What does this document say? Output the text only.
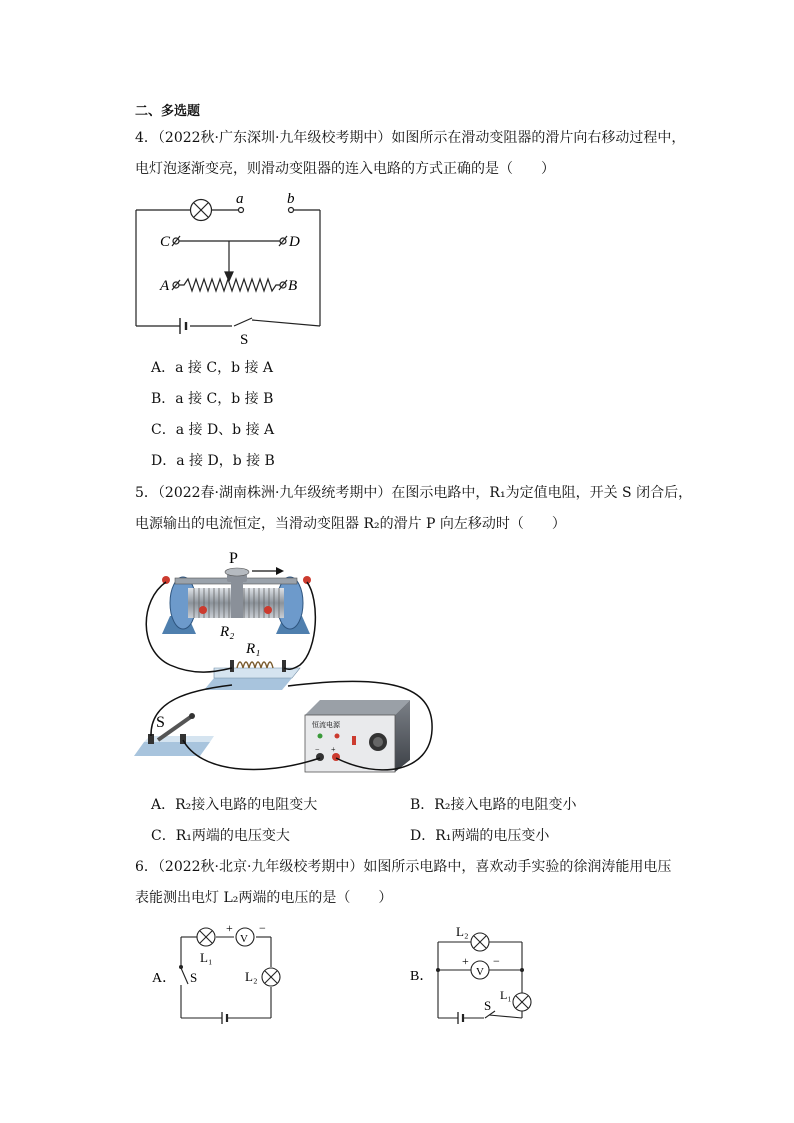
二、多选题
4．（2022秋·广东深圳·九年级校考期中）如图所示在滑动变阻器的滑片向右移动过程中，
电灯泡逐渐变亮，则滑动变阻器的连入电路的方式正确的是（　　）
a	b
C	D
A	B
S
A．a 接 C，b 接 A
B．a 接 C，b 接 B
C．a 接 D、b 接 A
D．a 接 D，b 接 B
5．（2022春·湖南株洲·九年级统考期中）在图示电路中，R₁为定值电阻，开关 S 闭合后，
电源输出的电流恒定，当滑动变阻器 R₂的滑片 P 向左移动时（　　）
P
R₂
R₁
S	恒流电源
− +
A．R₂接入电路的电阻变大	B．R₂接入电路的电阻变小
C．R₁两端的电压变大	D．R₁两端的电压变小
6．（2022秋·北京·九年级校考期中）如图所示电路中，喜欢动手实验的徐润涛能用电压
表能测出电灯 L₂两端的电压的是（　　）
A．
V
+ −
L₁
S	L₂	B．
L₂
V
+ −
L₁
S
